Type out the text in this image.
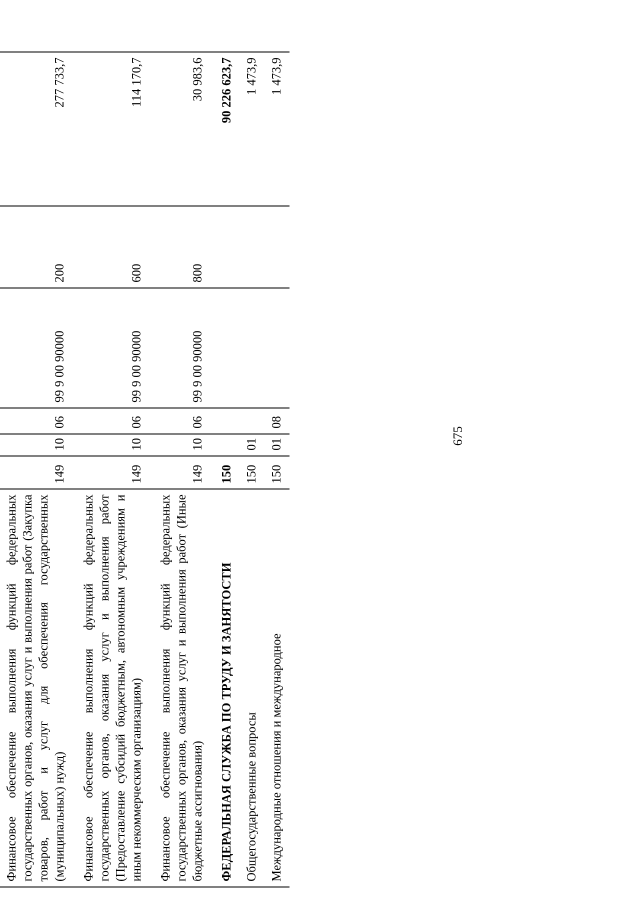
675

Финансовое обеспечение выполнения функций федеральных государственных органов, оказания услуг и выполнения работ (Закупка товаров, работ и услуг для обеспечения государственных (муниципальных) нужд)	149	10	06	99 9 00 90000	200	277 733,7
Финансовое обеспечение выполнения функций федеральных государственных органов, оказания услуг и выполнения работ (Предоставление субсидий бюджетным, автономным учреждениям и иным некоммерческим организациям)	149	10	06	99 9 00 90000	600	114 170,7
Финансовое обеспечение выполнения функций федеральных государственных органов, оказания услуг и выполнения работ (Иные бюджетные ассигнования)	149	10	06	99 9 00 90000	800	30 983,6
ФЕДЕРАЛЬНАЯ СЛУЖБА ПО ТРУДУ И ЗАНЯТОСТИ	150					90 226 623,7
Общегосударственные вопросы	150	01				1 473,9
Международные отношения и международное	150	01	08			1 473,9
